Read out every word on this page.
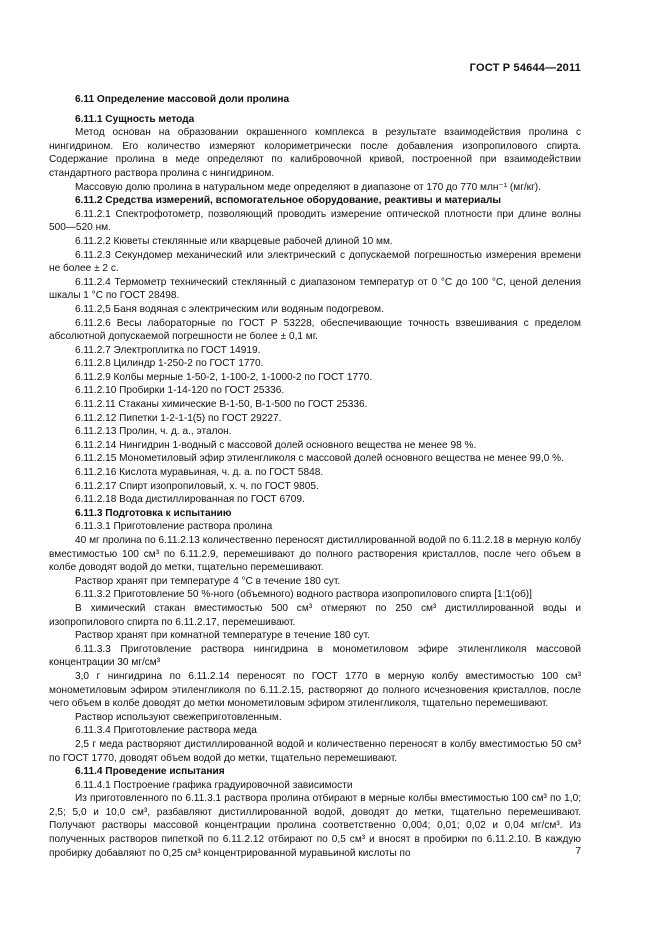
ГОСТ Р 54644—2011

6.11 Определение массовой доли пролина

6.11.1 Сущность метода

Метод основан на образовании окрашенного комплекса в результате взаимодействия пролина с нингидрином. Его количество измеряют колориметрически после добавления изопропилового спирта. Содержание пролина в меде определяют по калибровочной кривой, построенной при взаимодействии стандартного раствора пролина с нингидрином.

Массовую долю пролина в натуральном меде определяют в диапазоне от 170 до 770 млн⁻¹ (мг/кг).

6.11.2 Средства измерений, вспомогательное оборудование, реактивы и материалы

6.11.2.1 Спектрофотометр, позволяющий проводить измерение оптической плотности при длине волны 500—520 нм.

6.11.2.2 Кюветы стеклянные или кварцевые рабочей длиной 10 мм.

6.11.2.3 Секундомер механический или электрический с допускаемой погрешностью измерения времени не более ± 2 с.

6.11.2.4 Термометр технический стеклянный с диапазоном температур от 0 °С до 100 °С, ценой деления шкалы 1 °С по ГОСТ 28498.

6.11.2,5 Баня водяная с электрическим или водяным подогревом.

6.11.2.6 Весы лабораторные по ГОСТ Р 53228, обеспечивающие точность взвешивания с пределом абсолютной допускаемой погрешности не более ± 0,1 мг.

6.11.2.7 Электроплитка по ГОСТ 14919.

6.11.2.8 Цилиндр 1-250-2 по ГОСТ 1770.

6.11.2.9 Колбы мерные 1-50-2, 1-100-2, 1-1000-2 по ГОСТ 1770.

6.11.2.10 Пробирки 1-14-120 по ГОСТ 25336.

6.11.2.11 Стаканы химические В-1-50, В-1-500 по ГОСТ 25336.

6.11.2.12 Пипетки 1-2-1-1(5) по ГОСТ 29227.

6.11.2.13 Пролин, ч. д. а., эталон.

6.11.2.14 Нингидрин 1-водный с массовой долей основного вещества не менее 98 %.

6.11.2.15 Монометиловый эфир этиленгликоля с массовой долей основного вещества не менее 99,0 %.

6.11.2.16 Кислота муравьиная, ч. д. а. по ГОСТ 5848.

6.11.2.17 Спирт изопропиловый, х. ч. по ГОСТ 9805.

6.11.2.18 Вода дистиллированная по ГОСТ 6709.

6.11.3 Подготовка к испытанию

6.11.3.1 Приготовление раствора пролина

40 мг пролина по 6.11.2.13 количественно переносят дистиллированной водой по 6.11.2.18 в мерную колбу вместимостью 100 см³ по 6.11.2.9, перемешивают до полного растворения кристаллов, после чего объем в колбе доводят водой до метки, тщательно перемешивают.

Раствор хранят при температуре 4 °С в течение 180 сут.

6.11.3.2 Приготовление 50 %-ного (объемного) водного раствора изопропилового спирта [1:1(об)]

В химический стакан вместимостью 500 см³ отмеряют по 250 см³ дистиллированной воды и изопропилового спирта по 6.11.2.17, перемешивают.

Раствор хранят при комнатной температуре в течение 180 сут.

6.11.3.3 Приготовление раствора нингидрина в монометиловом эфире этиленгликоля массовой концентрации 30 мг/см³

3,0 г нингидрина по 6.11.2.14 переносят по ГОСТ 1770 в мерную колбу вместимостью 100 см³ монометиловым эфиром этиленгликоля по 6.11.2.15, растворяют до полного исчезновения кристаллов, после чего объем в колбе доводят до метки монометиловым эфиром этиленгликоля, тщательно перемешивают.

Раствор используют свежеприготовленным.

6.11.3.4 Приготовление раствора меда

2,5 г меда растворяют дистиллированной водой и количественно переносят в колбу вместимостью 50 см³ по ГОСТ 1770, доводят объем водой до метки, тщательно перемешивают.

6.11.4 Проведение испытания

6.11.4.1 Построение графика градуировочной зависимости

Из приготовленного по 6.11.3.1 раствора пролина отбирают в мерные колбы вместимостью 100 см³ по 1,0; 2,5; 5,0 и 10,0 см³, разбавляют дистиллированной водой, доводят до метки, тщательно перемешивают. Получают растворы массовой концентрации пролина соответственно 0,004; 0,01; 0,02 и 0,04 мг/см³. Из полученных растворов пипеткой по 6.11.2.12 отбирают по 0,5 см³ и вносят в пробирки по 6.11.2.10. В каждую пробирку добавляют по 0,25 см³ концентрированной муравьиной кислоты по	7
